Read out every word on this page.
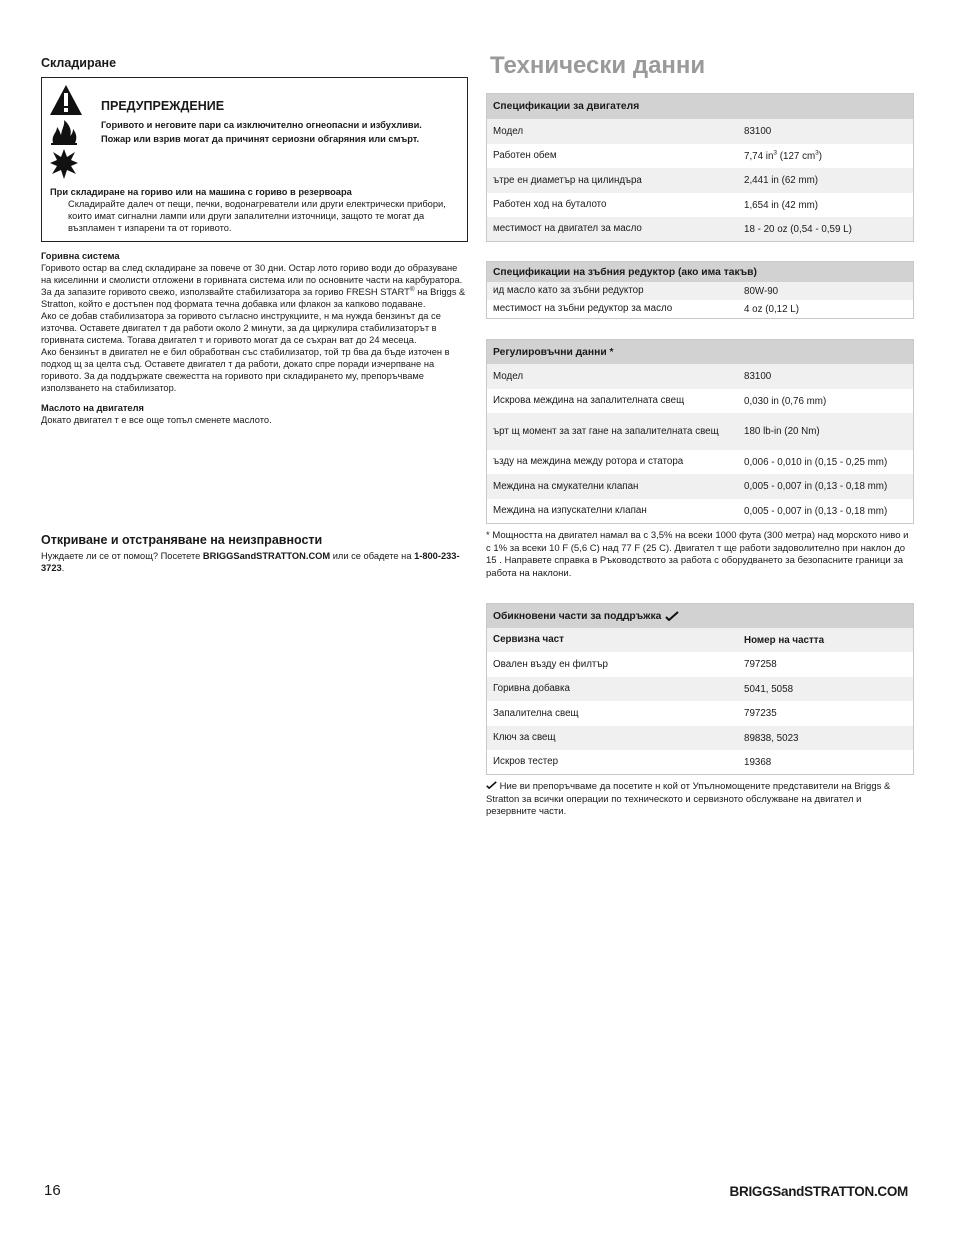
Складиране
ПРЕДУПРЕЖДЕНИЕ
Горивото и неговите пари са изключително огнеопасни и избухливи.
Пожар или взрив могат да причинят сериозни обгаряния или смърт.
При складиране на гориво или на машина с гориво в резервоара
Складирайте далеч от пещи, печки, водонагреватели или други електрически прибори, които имат сигнални лампи или други запалителни източници, защото те могат да възпламен т изпарени та от горивото.
Горивна система
Горивото остар ва след складиране за повече от 30 дни. Остар лото гориво води до образуване на киселинни и смолисти отложени в горивната система или по основните части на карбуратора. За да запазите горивото свежо, използвайте стабилизатора за гориво FRESH START® на Briggs & Stratton, който е достъпен под формата течна добавка или флакон за капково подаване.
Ако се добав стабилизатора за горивото съгласно инструкциите, н ма нужда бензинът да се източва. Оставете двигател т да работи около 2 минути, за да циркулира стабилизаторът в горивната система. Тогава двигател т и горивото могат да се съхран ват до 24 месеца.
Ако бензинът в двигател не е бил обработван със стабилизатор, той тр бва да бъде източен в подход щ за целта съд. Оставете двигател т да работи, докато спре поради изчерпване на горивото. За да поддържате свежестта на горивото при складирането му, препоръчваме използването на стабилизатор.
Маслото на двигателя
Докато двигател т е все още топъл сменете маслото.
Откриване и отстраняване на неизправности
Нуждаете ли се от помощ? Посетете BRIGGSandSTRATTON.COM или се обадете на 1-800-233-3723.
Технически данни
Спецификации за двигателя
Модел	83100
Работен обем	7,74 $in^3$ (127 $cm^3$)
ътре ен диаметър на цилиндъра	2,441 in (62 mm)
Работен ход на буталото	1,654 in (42 mm)
местимост на двигател за масло	18 - 20 oz (0,54 - 0,59 L)
Спецификации на зъбния редуктор (ако има такъв)
ид масло като за зъбни редуктор	80W-90
местимост на зъбни редуктор за масло	4 oz (0,12 L)
Регулировъчни данни *
Модел	83100
Искрова междина на запалителната свещ	0,030 in (0,76 mm)
ърт щ момент за зат гане на запалителната свещ	180 lb-in (20 Nm)
ъзду на междина между ротора и статора	0,006 - 0,010 in (0,15 - 0,25 mm)
Междина на смукателни клапан	0,005 - 0,007 in (0,13 - 0,18 mm)
Междина на изпускателни клапан	0,005 - 0,007 in (0,13 - 0,18 mm)
* Мощността на двигател намал ва с 3,5% на всеки 1000 фута (300 метра) над морското ниво и с 1% за всеки 10 F (5,6 C) над 77 F (25 C). Двигател т ще работи задоволително при наклон до 15 . Направете справка в Ръководството за работа с оборудването за безопасните граници за работа на наклони.
Обикновени части за поддръжка
Сервизна част	Номер на частта
Овален възду ен филтър	797258
Горивна добавка	5041, 5058
Запалителна свещ	797235
Ключ за свещ	89838, 5023
Искров тестер	19368
Ние ви препоръчваме да посетите н кой от Упълномощените представители на Briggs & Stratton за всички операции по техническото и сервизното обслужване на двигател и резервните части.
16	BRIGGSandSTRATTON.COM
